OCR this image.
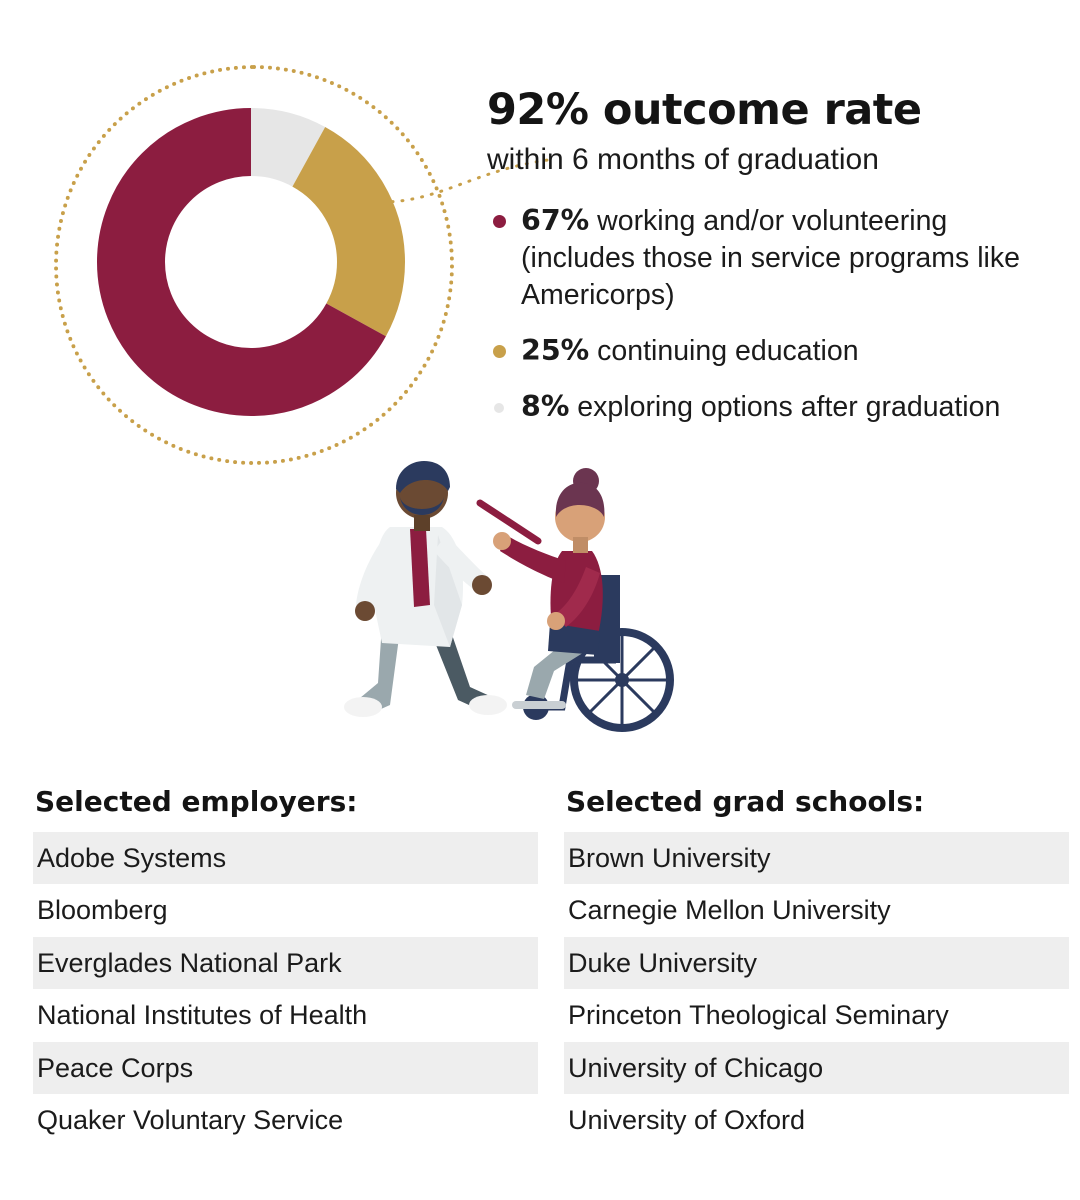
92% outcome rate

within 6 months of graduation

67% working and/or volunteering (includes those in service programs like Americorps)
25% continuing education
8% exploring options after graduation
Selected employers:
Adobe Systems
Bloomberg
Everglades National Park
National Institutes of Health
Peace Corps
Quaker Voluntary Service
Selected grad schools:
Brown University
Carnegie Mellon University
Duke University
Princeton Theological Seminary
University of Chicago
University of Oxford
